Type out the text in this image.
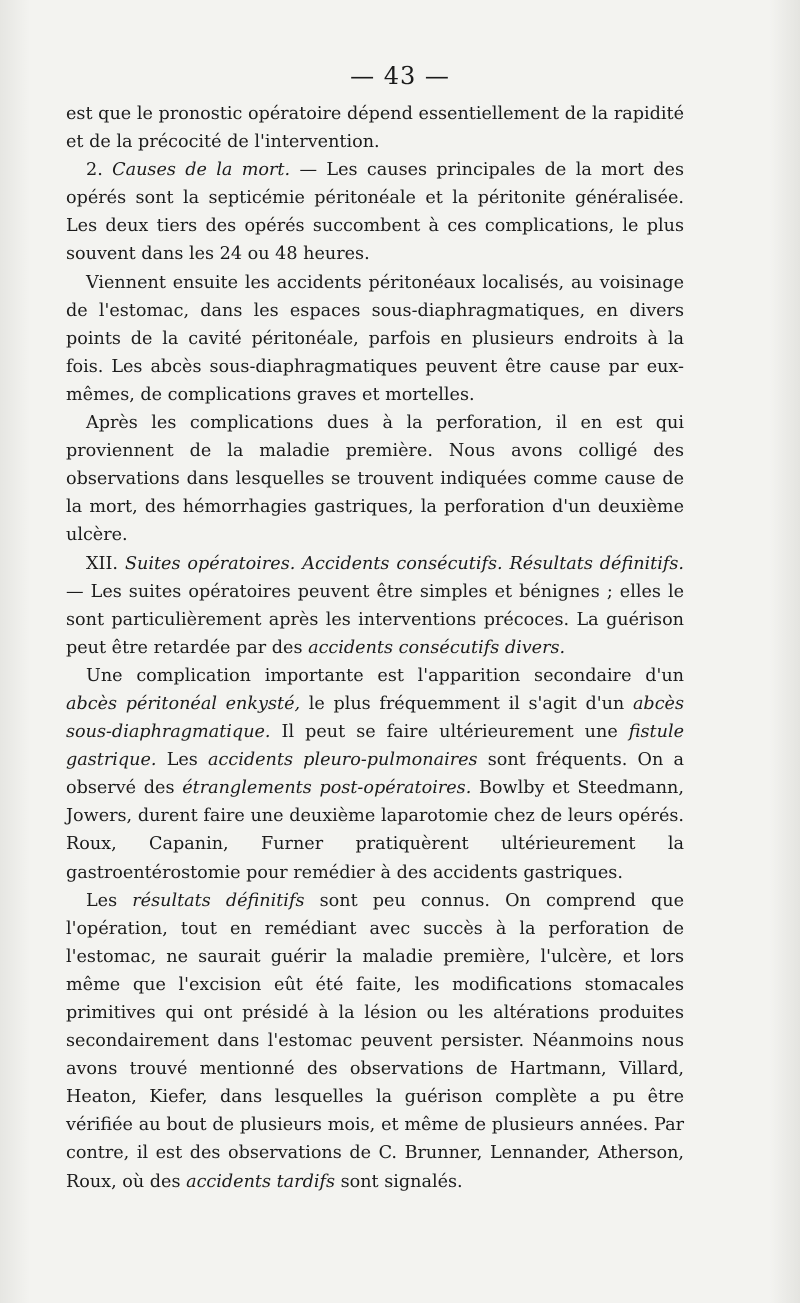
— 43 —

est que le pronostic opératoire dépend essentiellement de la rapidité et de la précocité de l'intervention.

2. Causes de la mort. — Les causes principales de la mort des opérés sont la septicémie péritonéale et la péritonite généralisée. Les deux tiers des opérés succombent à ces complications, le plus souvent dans les 24 ou 48 heures.

Viennent ensuite les accidents péritonéaux localisés, au voisinage de l'estomac, dans les espaces sous-diaphragmatiques, en divers points de la cavité péritonéale, parfois en plusieurs endroits à la fois. Les abcès sous-diaphragmatiques peuvent être cause par eux-mêmes, de complications graves et mortelles.

Après les complications dues à la perforation, il en est qui proviennent de la maladie première. Nous avons colligé des observations dans lesquelles se trouvent indiquées comme cause de la mort, des hémorrhagies gastriques, la perforation d'un deuxième ulcère.

XII. Suites opératoires. Accidents consécutifs. Résultats définitifs. — Les suites opératoires peuvent être simples et bénignes ; elles le sont particulièrement après les interventions précoces. La guérison peut être retardée par des accidents consécutifs divers.

Une complication importante est l'apparition secondaire d'un abcès péritonéal enkysté, le plus fréquemment il s'agit d'un abcès sous-diaphragmatique. Il peut se faire ultérieurement une fistule gastrique. Les accidents pleuro-pulmonaires sont fréquents. On a observé des étranglements post-opératoires. Bowlby et Steedmann, Jowers, durent faire une deuxième laparotomie chez de leurs opérés. Roux, Capanin, Furner pratiquèrent ultérieurement la gastroentérostomie pour remédier à des accidents gastriques.

Les résultats définitifs sont peu connus. On comprend que l'opération, tout en remédiant avec succès à la perforation de l'estomac, ne saurait guérir la maladie première, l'ulcère, et lors même que l'excision eût été faite, les modifications stomacales primitives qui ont présidé à la lésion ou les altérations produites secondairement dans l'estomac peuvent persister. Néanmoins nous avons trouvé mentionné des observations de Hartmann, Villard, Heaton, Kiefer, dans lesquelles la guérison complète a pu être vérifiée au bout de plusieurs mois, et même de plusieurs années. Par contre, il est des observations de C. Brunner, Lennander, Atherson, Roux, où des accidents tardifs sont signalés.
